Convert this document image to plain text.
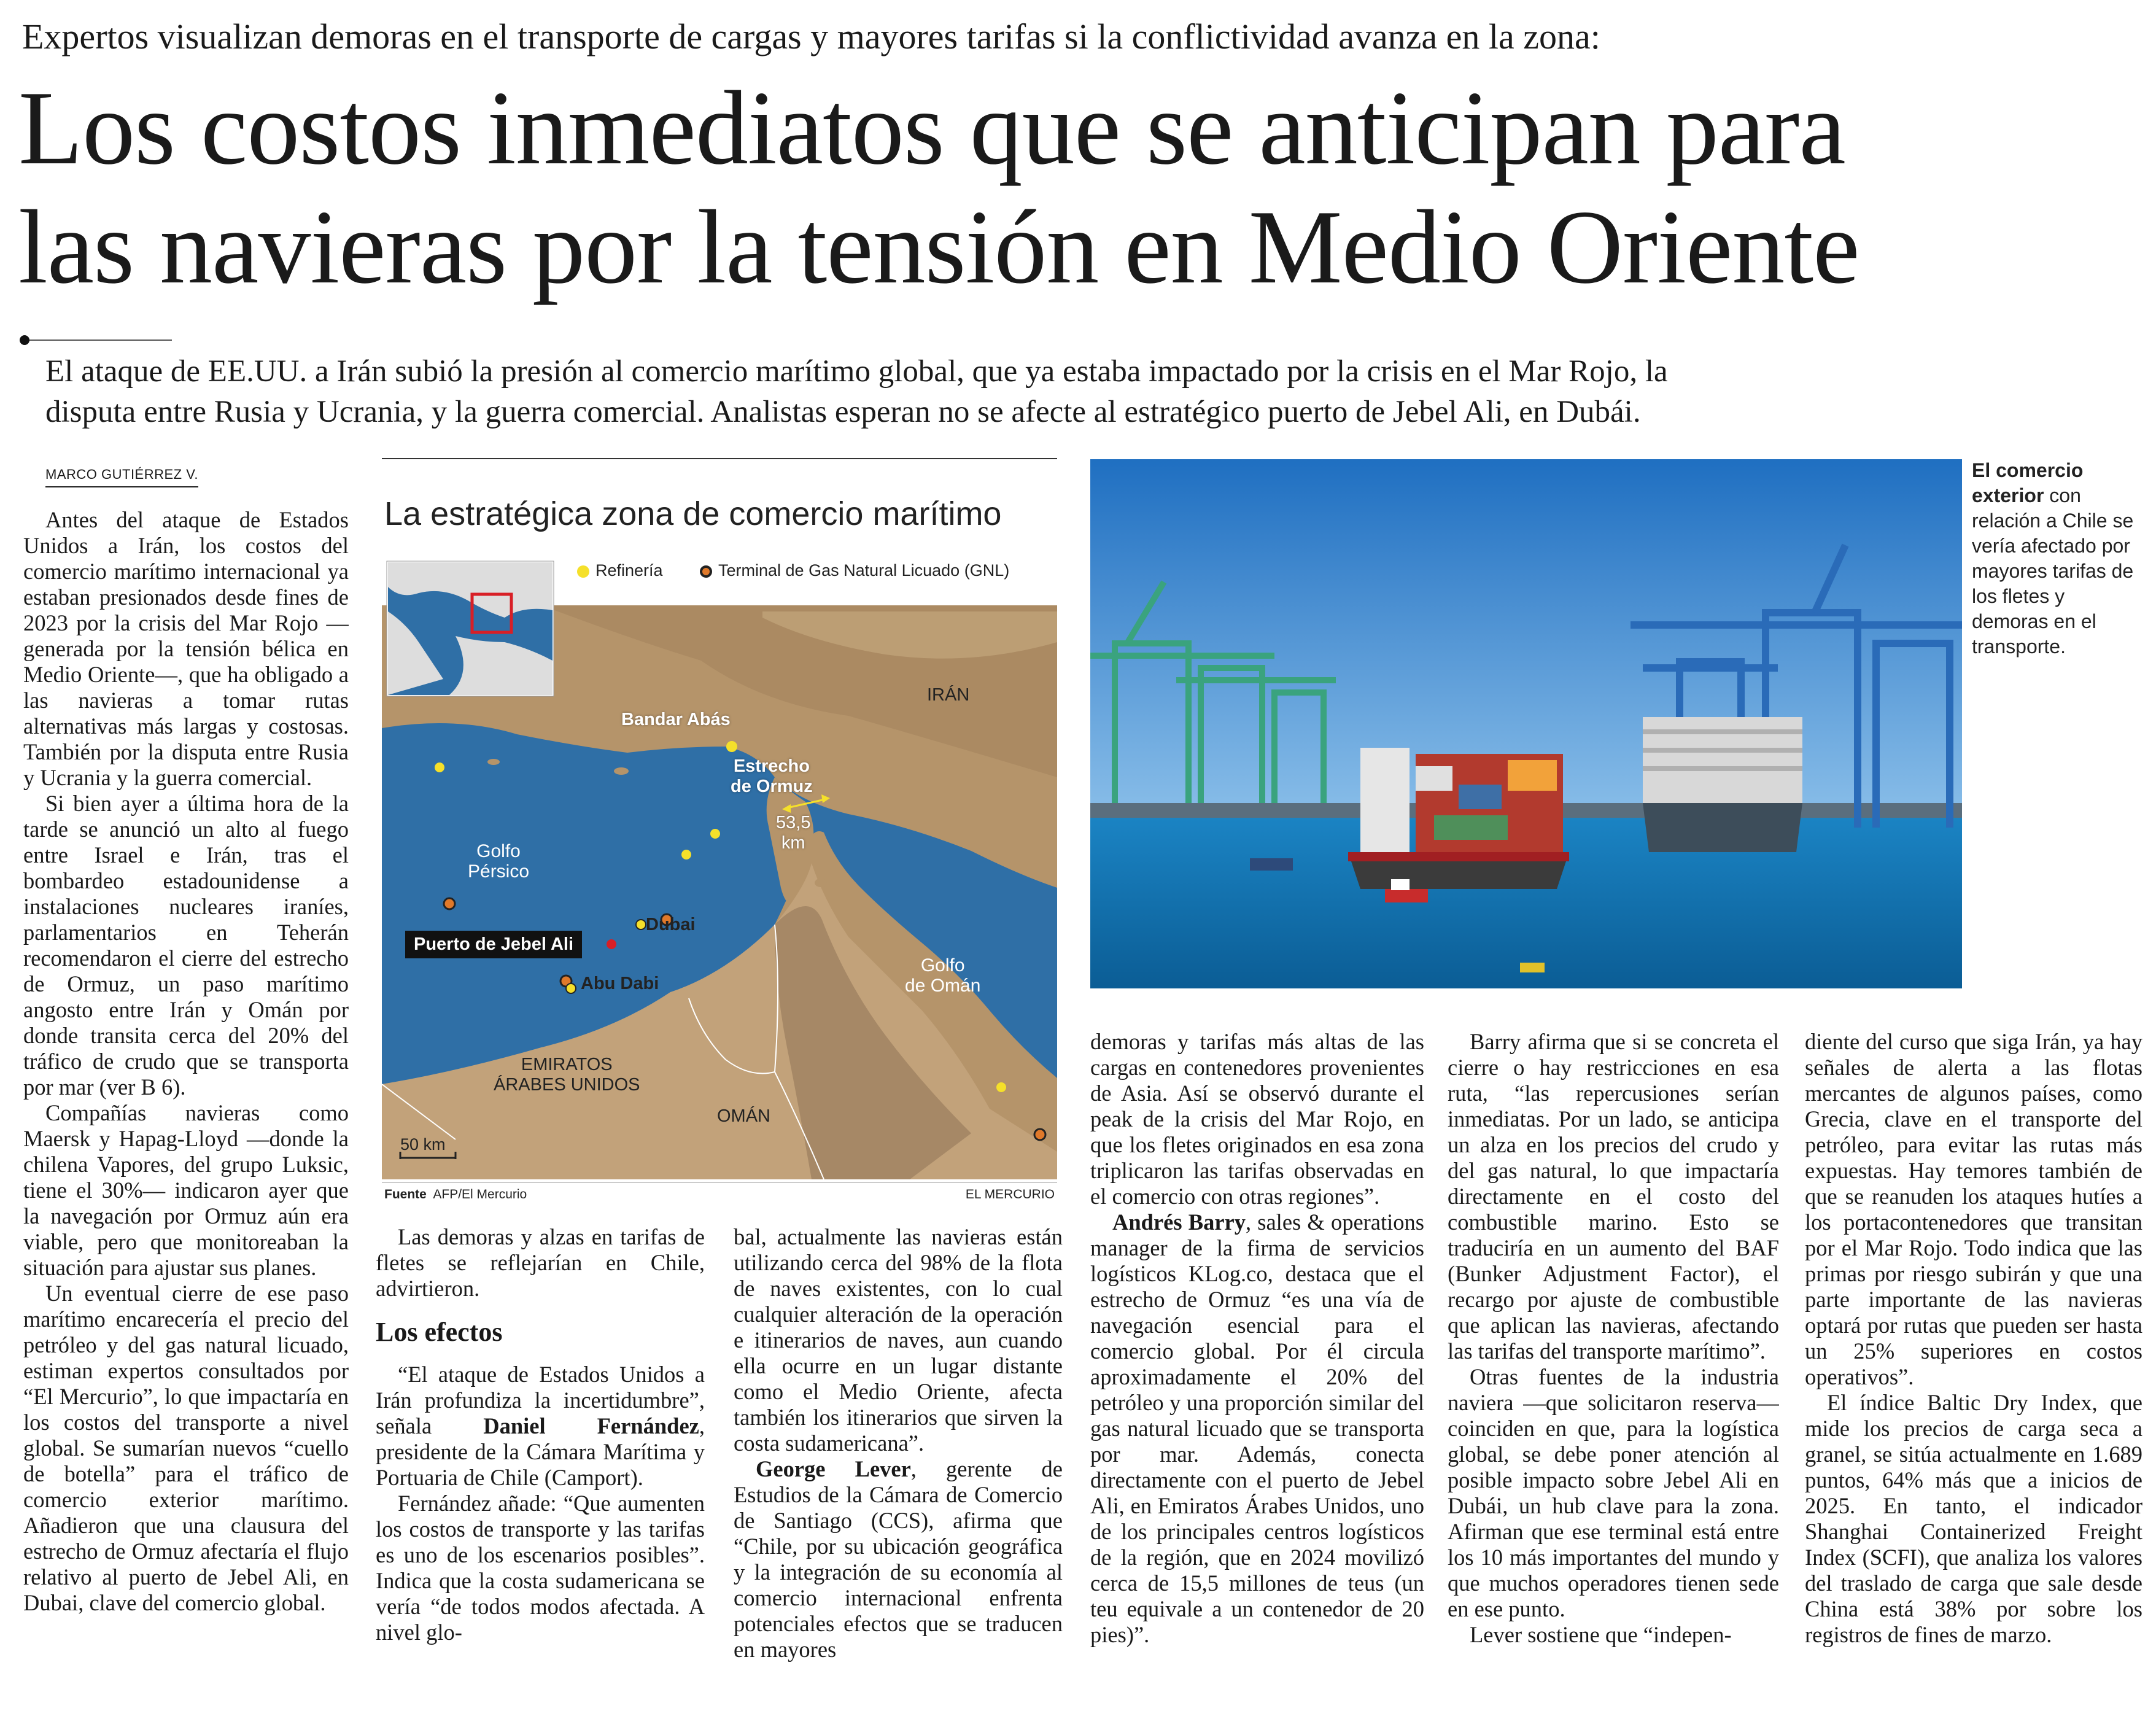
Expertos visualizan demoras en el transporte de cargas y mayores tarifas si la conflictividad avanza en la zona:
Los costos inmediatos que se anticipan para
las navieras por la tensión en Medio Oriente
El ataque de EE.UU. a Irán subió la presión al comercio marítimo global, que ya estaba impactado por la crisis en el Mar Rojo, la
disputa entre Rusia y Ucrania, y la guerra comercial. Analistas esperan no se afecte al estratégico puerto de Jebel Ali, en Dubái.
MARCO GUTIÉRREZ V.

Antes del ataque de Estados Unidos a Irán, los costos del comercio marítimo internacional ya estaban presionados desde fines de 2023 por la crisis del Mar Rojo —generada por la tensión bélica en Medio Oriente—, que ha obligado a las navieras a tomar rutas alternativas más largas y costosas. También por la disputa entre Rusia y Ucrania y la guerra comercial.

Si bien ayer a última hora de la tarde se anunció un alto al fuego entre Israel e Irán, tras el bombardeo estadounidense a instalaciones nucleares iraníes, parlamentarios en Teherán recomendaron el cierre del estrecho de Ormuz, un paso marítimo angosto entre Irán y Omán por donde transita cerca del 20% del tráfico de crudo que se transporta por mar (ver B 6).

Compañías navieras como Maersk y Hapag-Lloyd —donde la chilena Vapores, del grupo Luksic, tiene el 30%— indicaron ayer que la navegación por Ormuz aún era viable, pero que monitoreaban la situación para ajustar sus planes.

Un eventual cierre de ese paso marítimo encarecería el precio del petróleo y del gas natural licuado, estiman expertos consultados por “El Mercurio”, lo que impactaría en los costos del transporte a nivel global. Se sumarían nuevos “cuello de botella” para el tráfico de comercio exterior marítimo. Añadieron que una clausura del estrecho de Ormuz afectaría el flujo relativo al puerto de Jebel Ali, en Dubai, clave del comercio global.

La estratégica zona de comercio marítimo
Refinería	Terminal de Gas Natural Licuado (GNL)
IRÁN
Bandar Abás
Estrecho
de Ormuz
53,5
km
Golfo
Pérsico
Puerto de Jebel Ali
Dubai
Abu Dabi
Golfo
de Omán
EMIRATOS
ÁRABES UNIDOS
OMÁN
50 km
Fuente AFP/El Mercurio	EL MERCURIO
El comercio exterior con relación a Chile se vería afectado por mayores tarifas de los fletes y demoras en el transporte.

Las demoras y alzas en tarifas de fletes se reflejarían en Chile, advirtieron.

Los efectos

“El ataque de Estados Unidos a Irán profundiza la incertidumbre”, señala Daniel Fernández, presidente de la Cámara Marítima y Portuaria de Chile (Camport).

Fernández añade: “Que aumenten los costos de transporte y las tarifas es uno de los escenarios posibles”. Indica que la costa sudamericana se vería “de todos modos afectada. A nivel glo-

bal, actualmente las navieras están utilizando cerca del 98% de la flota de naves existentes, con lo cual cualquier alteración de la operación e itinerarios de naves, aun cuando ella ocurre en un lugar distante como el Medio Oriente, afecta también los itinerarios que sirven la costa sudamericana”.

George Lever, gerente de Estudios de la Cámara de Comercio de Santiago (CCS), afirma que “Chile, por su ubicación geográfica y la integración de su economía al comercio internacional enfrenta potenciales efectos que se traducen en mayores

demoras y tarifas más altas de las cargas en contenedores provenientes de Asia. Así se observó durante el peak de la crisis del Mar Rojo, en que los fletes originados en esa zona triplicaron las tarifas observadas en el comercio con otras regiones”.

Andrés Barry, sales & operations manager de la firma de servicios logísticos KLog.co, destaca que el estrecho de Ormuz “es una vía de navegación esencial para el comercio global. Por él circula aproximadamente el 20% del petróleo y una proporción similar del gas natural licuado que se transporta por mar. Además, conecta directamente con el puerto de Jebel Ali, en Emiratos Árabes Unidos, uno de los principales centros logísticos de la región, que en 2024 movilizó cerca de 15,5 millones de teus (un teu equivale a un contenedor de 20 pies)”.

Barry afirma que si se concreta el cierre o hay restricciones en esa ruta, “las repercusiones serían inmediatas. Por un lado, se anticipa un alza en los precios del crudo y del gas natural, lo que impactaría directamente en el costo del combustible marino. Esto se traduciría en un aumento del BAF (Bunker Adjustment Factor), el recargo por ajuste de combustible que aplican las navieras, afectando las tarifas del transporte marítimo”.

Otras fuentes de la industria naviera —que solicitaron reserva— coinciden en que, para la logística global, se debe poner atención al posible impacto sobre Jebel Ali en Dubái, un hub clave para la zona. Afirman que ese terminal está entre los 10 más importantes del mundo y que muchos operadores tienen sede en ese punto.

Lever sostiene que “indepen-

diente del curso que siga Irán, ya hay señales de alerta a las flotas mercantes de algunos países, como Grecia, clave en el transporte del petróleo, para evitar las rutas más expuestas. Hay temores también de que se reanuden los ataques hutíes a los portacontenedores que transitan por el Mar Rojo. Todo indica que las primas por riesgo subirán y que una parte importante de las navieras optará por rutas que pueden ser hasta un 25% superiores en costos operativos”.

El índice Baltic Dry Index, que mide los precios de carga seca a granel, se sitúa actualmente en 1.689 puntos, 64% más que a inicios de 2025. En tanto, el indicador Shanghai Containerized Freight Index (SCFI), que analiza los valores del traslado de carga que sale desde China está 38% por sobre los registros de fines de marzo.
